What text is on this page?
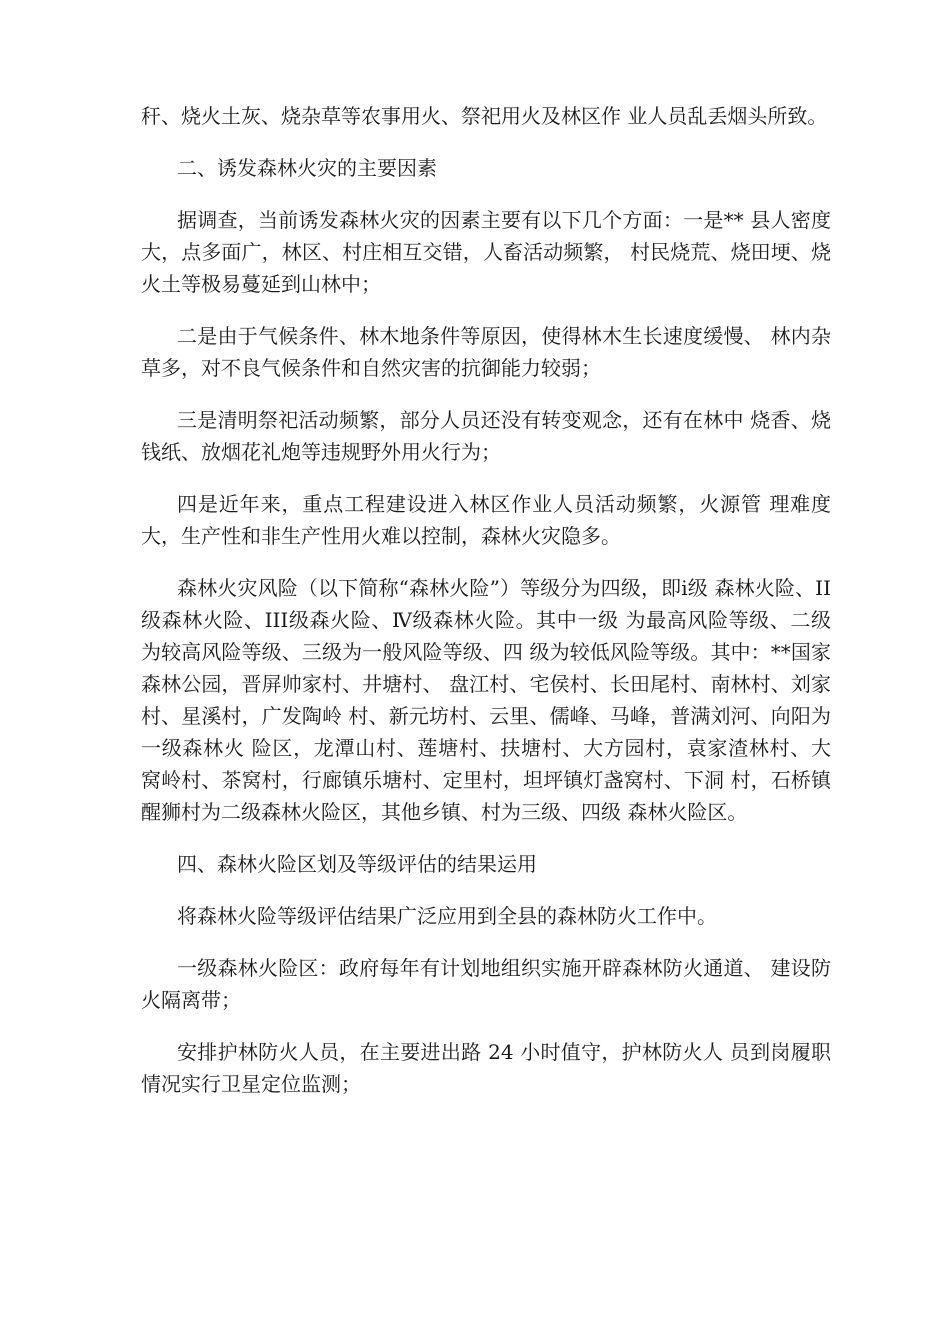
秆、烧火土灰、烧杂草等农事用火、祭祀用火及林区作 业人员乱丢烟头所致。

二、诱发森林火灾的主要因素

据调查，当前诱发森林火灾的因素主要有以下几个方面：一是** 县人密度大，点多面广，林区、村庄相互交错，人畜活动频繁， 村民烧荒、烧田埂、烧火土等极易蔓延到山林中；

二是由于气候条件、林木地条件等原因，使得林木生长速度缓慢、 林内杂草多，对不良气候条件和自然灾害的抗御能力较弱；

三是清明祭祀活动频繁，部分人员还没有转变观念，还有在林中 烧香、烧钱纸、放烟花礼炮等违规野外用火行为；

四是近年来，重点工程建设进入林区作业人员活动频繁，火源管 理难度大，生产性和非生产性用火难以控制，森林火灾隐多。

森林火灾风险（以下简称“森林火险”）等级分为四级，即ⅰ级 森林火险、II级森林火险、III级森火险、Ⅳ级森林火险。其中一级 为最高风险等级、二级为较高风险等级、三级为一般风险等级、四 级为较低风险等级。其中：**国家森林公园，晋屏帅家村、井塘村、 盘江村、宅侯村、长田尾村、南林村、刘家村、星溪村，广发陶岭 村、新元坊村、云里、儒峰、马峰，普满刘河、向阳为一级森林火 险区，龙潭山村、莲塘村、扶塘村、大方园村，袁家渣林村、大 窝岭村、茶窝村，行廊镇乐塘村、定里村，坦坪镇灯盏窝村、下洞 村，石桥镇醒狮村为二级森林火险区，其他乡镇、村为三级、四级 森林火险区。

四、森林火险区划及等级评估的结果运用

将森林火险等级评估结果广泛应用到全县的森林防火工作中。

一级森林火险区：政府每年有计划地组织实施开辟森林防火通道、 建设防火隔离带；

安排护林防火人员，在主要进出路 24 小时值守，护林防火人 员到岗履职情况实行卫星定位监测；
